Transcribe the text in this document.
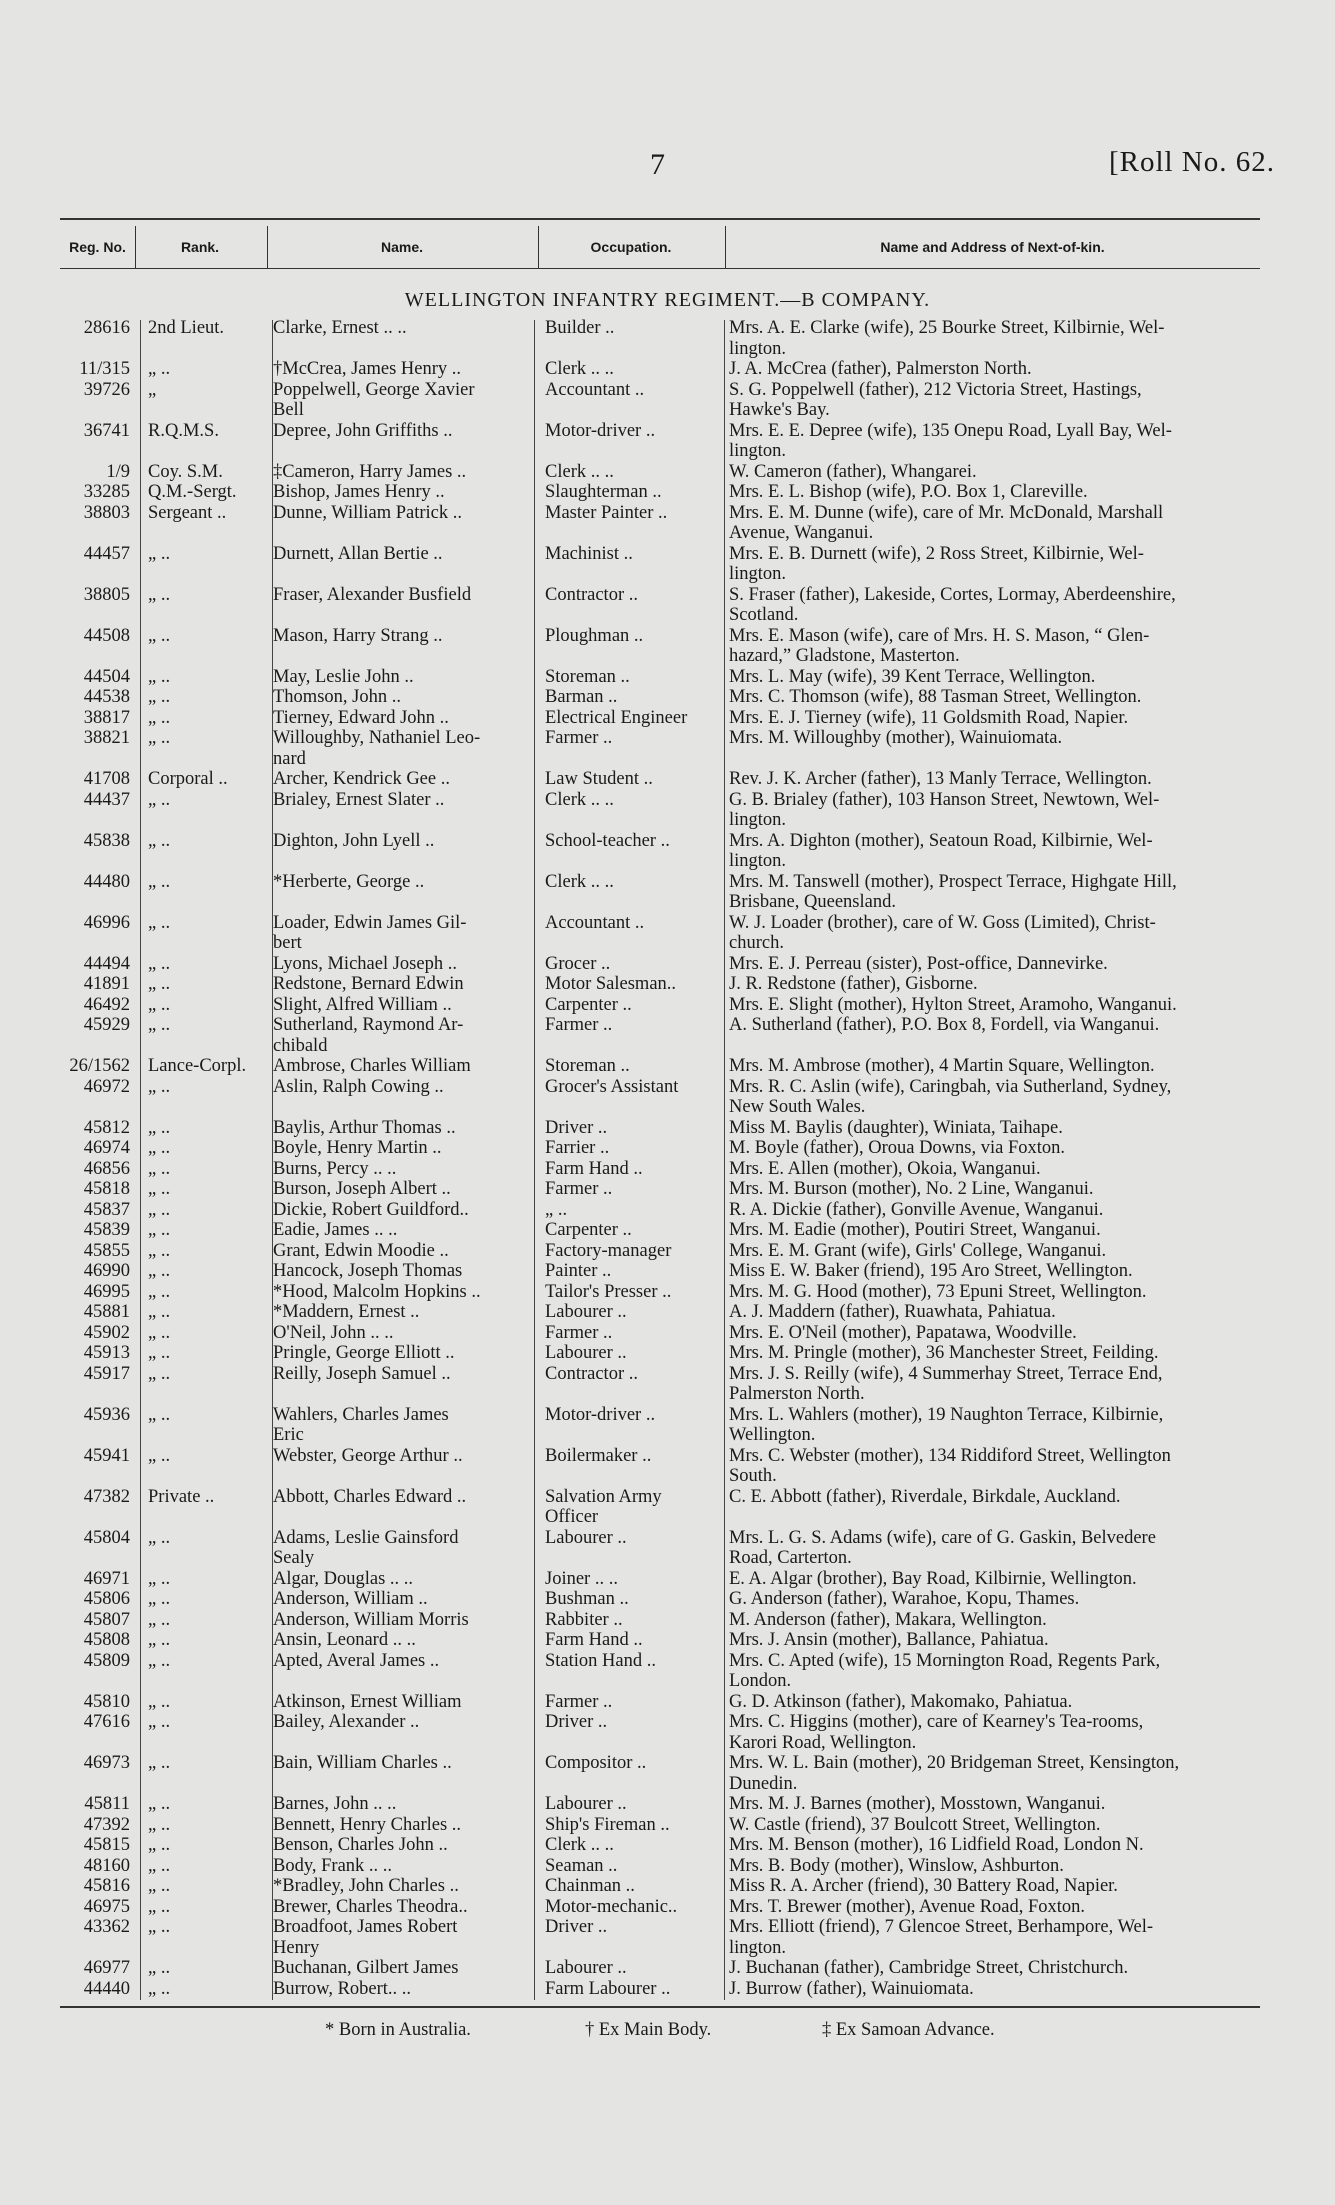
7	[Roll No. 62.
Reg. No.	Rank.	Name.	Occupation.	Name and Address of Next-of-kin.
WELLINGTON INFANTRY REGIMENT.—B COMPANY.
28616 2nd Lieut.	Clarke, Ernest .. ..	Builder ..	Mrs. A. E. Clarke (wife), 25 Bourke Street, Kilbirnie, Wel-
lington.
11/315 „ ..	†McCrea, James Henry ..	Clerk .. ..	J. A. McCrea (father), Palmerston North.
39726 „	Poppelwell, George Xavier	Accountant ..	S. G. Poppelwell (father), 212 Victoria Street, Hastings,
Bell	Hawke's Bay.
36741 R.Q.M.S.	Depree, John Griffiths ..	Motor-driver ..	Mrs. E. E. Depree (wife), 135 Onepu Road, Lyall Bay, Wel-
lington.
1/9 Coy. S.M.	‡Cameron, Harry James ..	Clerk .. ..	W. Cameron (father), Whangarei.
33285 Q.M.-Sergt.	Bishop, James Henry ..	Slaughterman ..	Mrs. E. L. Bishop (wife), P.O. Box 1, Clareville.
38803 Sergeant ..	Dunne, William Patrick ..	Master Painter ..	Mrs. E. M. Dunne (wife), care of Mr. McDonald, Marshall
Avenue, Wanganui.
44457 „ ..	Durnett, Allan Bertie ..	Machinist ..	Mrs. E. B. Durnett (wife), 2 Ross Street, Kilbirnie, Wel-
lington.
38805 „ ..	Fraser, Alexander Busfield	Contractor ..	S. Fraser (father), Lakeside, Cortes, Lormay, Aberdeenshire,
Scotland.
44508 „ ..	Mason, Harry Strang ..	Ploughman ..	Mrs. E. Mason (wife), care of Mrs. H. S. Mason, “ Glen-
hazard,” Gladstone, Masterton.
44504 „ ..	May, Leslie John ..	Storeman ..	Mrs. L. May (wife), 39 Kent Terrace, Wellington.
44538 „ ..	Thomson, John ..	Barman ..	Mrs. C. Thomson (wife), 88 Tasman Street, Wellington.
38817 „ ..	Tierney, Edward John ..	Electrical Engineer	Mrs. E. J. Tierney (wife), 11 Goldsmith Road, Napier.
38821 „ ..	Willoughby, Nathaniel Leo-	Farmer ..	Mrs. M. Willoughby (mother), Wainuiomata.
nard
41708 Corporal ..	Archer, Kendrick Gee ..	Law Student ..	Rev. J. K. Archer (father), 13 Manly Terrace, Wellington.
44437 „ ..	Brialey, Ernest Slater ..	Clerk .. ..	G. B. Brialey (father), 103 Hanson Street, Newtown, Wel-
lington.
45838 „ ..	Dighton, John Lyell ..	School-teacher ..	Mrs. A. Dighton (mother), Seatoun Road, Kilbirnie, Wel-
lington.
44480 „ ..	*Herberte, George ..	Clerk .. ..	Mrs. M. Tanswell (mother), Prospect Terrace, Highgate Hill,
Brisbane, Queensland.
46996 „ ..	Loader, Edwin James Gil-	Accountant ..	W. J. Loader (brother), care of W. Goss (Limited), Christ-
bert	church.
44494 „ ..	Lyons, Michael Joseph ..	Grocer ..	Mrs. E. J. Perreau (sister), Post-office, Dannevirke.
41891 „ ..	Redstone, Bernard Edwin	Motor Salesman..	J. R. Redstone (father), Gisborne.
46492 „ ..	Slight, Alfred William ..	Carpenter ..	Mrs. E. Slight (mother), Hylton Street, Aramoho, Wanganui.
45929 „ ..	Sutherland, Raymond Ar-	Farmer ..	A. Sutherland (father), P.O. Box 8, Fordell, via Wanganui.
chibald
26/1562 Lance-Corpl.	Ambrose, Charles William	Storeman ..	Mrs. M. Ambrose (mother), 4 Martin Square, Wellington.
46972 „ ..	Aslin, Ralph Cowing ..	Grocer's Assistant	Mrs. R. C. Aslin (wife), Caringbah, via Sutherland, Sydney,
New South Wales.
45812 „ ..	Baylis, Arthur Thomas ..	Driver ..	Miss M. Baylis (daughter), Winiata, Taihape.
46974 „ ..	Boyle, Henry Martin ..	Farrier ..	M. Boyle (father), Oroua Downs, via Foxton.
46856 „ ..	Burns, Percy .. ..	Farm Hand ..	Mrs. E. Allen (mother), Okoia, Wanganui.
45818 „ ..	Burson, Joseph Albert ..	Farmer ..	Mrs. M. Burson (mother), No. 2 Line, Wanganui.
45837 „ ..	Dickie, Robert Guildford..	„ ..	R. A. Dickie (father), Gonville Avenue, Wanganui.
45839 „ ..	Eadie, James .. ..	Carpenter ..	Mrs. M. Eadie (mother), Poutiri Street, Wanganui.
45855 „ ..	Grant, Edwin Moodie ..	Factory-manager	Mrs. E. M. Grant (wife), Girls' College, Wanganui.
46990 „ ..	Hancock, Joseph Thomas	Painter ..	Miss E. W. Baker (friend), 195 Aro Street, Wellington.
46995 „ ..	*Hood, Malcolm Hopkins ..	Tailor's Presser ..	Mrs. M. G. Hood (mother), 73 Epuni Street, Wellington.
45881 „ ..	*Maddern, Ernest ..	Labourer ..	A. J. Maddern (father), Ruawhata, Pahiatua.
45902 „ ..	O'Neil, John .. ..	Farmer ..	Mrs. E. O'Neil (mother), Papatawa, Woodville.
45913 „ ..	Pringle, George Elliott ..	Labourer ..	Mrs. M. Pringle (mother), 36 Manchester Street, Feilding.
45917 „ ..	Reilly, Joseph Samuel ..	Contractor ..	Mrs. J. S. Reilly (wife), 4 Summerhay Street, Terrace End,
Palmerston North.
45936 „ ..	Wahlers, Charles James	Motor-driver ..	Mrs. L. Wahlers (mother), 19 Naughton Terrace, Kilbirnie,
Eric	Wellington.
45941 „ ..	Webster, George Arthur ..	Boilermaker ..	Mrs. C. Webster (mother), 134 Riddiford Street, Wellington
South.
47382 Private ..	Abbott, Charles Edward ..	Salvation Army	C. E. Abbott (father), Riverdale, Birkdale, Auckland.
Officer
45804 „ ..	Adams, Leslie Gainsford	Labourer ..	Mrs. L. G. S. Adams (wife), care of G. Gaskin, Belvedere
Sealy	Road, Carterton.
46971 „ ..	Algar, Douglas .. ..	Joiner .. ..	E. A. Algar (brother), Bay Road, Kilbirnie, Wellington.
45806 „ ..	Anderson, William ..	Bushman ..	G. Anderson (father), Warahoe, Kopu, Thames.
45807 „ ..	Anderson, William Morris	Rabbiter ..	M. Anderson (father), Makara, Wellington.
45808 „ ..	Ansin, Leonard .. ..	Farm Hand ..	Mrs. J. Ansin (mother), Ballance, Pahiatua.
45809 „ ..	Apted, Averal James ..	Station Hand ..	Mrs. C. Apted (wife), 15 Mornington Road, Regents Park,
London.
45810 „ ..	Atkinson, Ernest William	Farmer ..	G. D. Atkinson (father), Makomako, Pahiatua.
47616 „ ..	Bailey, Alexander ..	Driver ..	Mrs. C. Higgins (mother), care of Kearney's Tea-rooms,
Karori Road, Wellington.
46973 „ ..	Bain, William Charles ..	Compositor ..	Mrs. W. L. Bain (mother), 20 Bridgeman Street, Kensington,
Dunedin.
45811 „ ..	Barnes, John .. ..	Labourer ..	Mrs. M. J. Barnes (mother), Mosstown, Wanganui.
47392 „ ..	Bennett, Henry Charles ..	Ship's Fireman ..	W. Castle (friend), 37 Boulcott Street, Wellington.
45815 „ ..	Benson, Charles John ..	Clerk .. ..	Mrs. M. Benson (mother), 16 Lidfield Road, London N.
48160 „ ..	Body, Frank .. ..	Seaman ..	Mrs. B. Body (mother), Winslow, Ashburton.
45816 „ ..	*Bradley, John Charles ..	Chainman ..	Miss R. A. Archer (friend), 30 Battery Road, Napier.
46975 „ ..	Brewer, Charles Theodra..	Motor-mechanic..	Mrs. T. Brewer (mother), Avenue Road, Foxton.
43362 „ ..	Broadfoot, James Robert	Driver ..	Mrs. Elliott (friend), 7 Glencoe Street, Berhampore, Wel-
Henry	lington.
46977 „ ..	Buchanan, Gilbert James	Labourer ..	J. Buchanan (father), Cambridge Street, Christchurch.
44440 „ ..	Burrow, Robert.. ..	Farm Labourer ..	J. Burrow (father), Wainuiomata.
* Born in Australia.	† Ex Main Body.	‡ Ex Samoan Advance.
